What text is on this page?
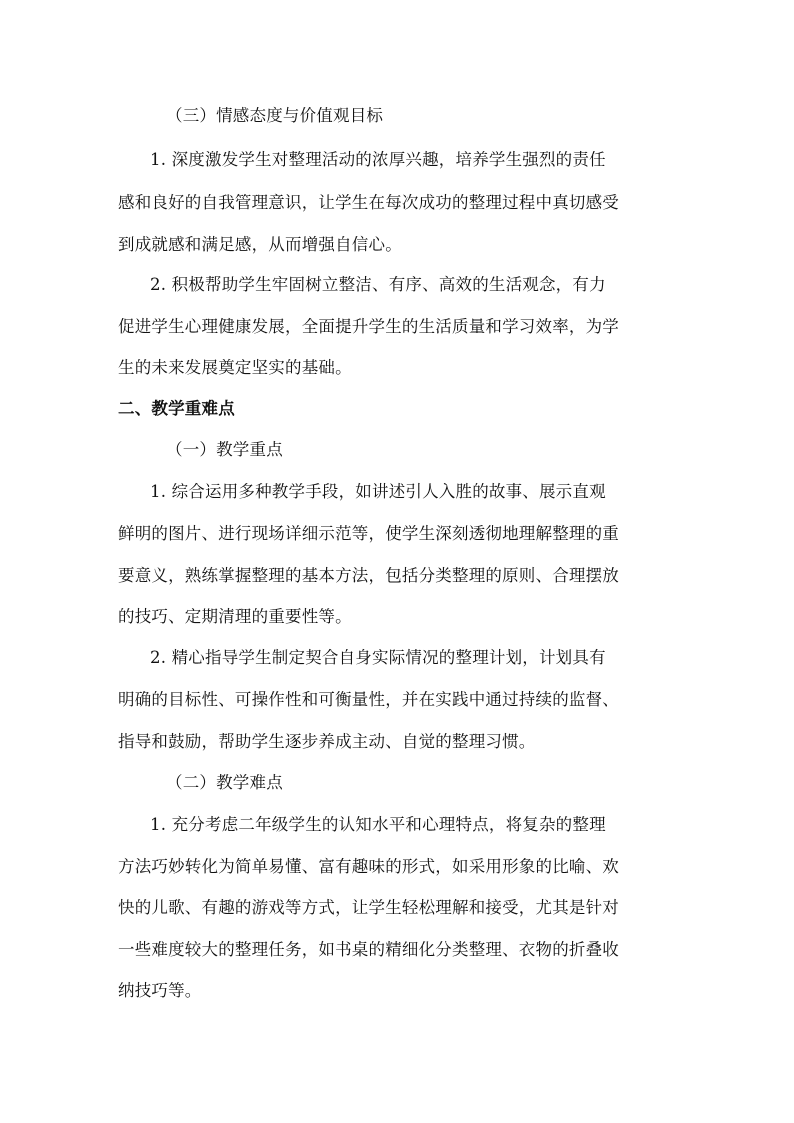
（三）情感态度与价值观目标
1. 深度激发学生对整理活动的浓厚兴趣，培养学生强烈的责任
感和良好的自我管理意识，让学生在每次成功的整理过程中真切感受
到成就感和满足感，从而增强自信心。
2. 积极帮助学生牢固树立整洁、有序、高效的生活观念，有力
促进学生心理健康发展，全面提升学生的生活质量和学习效率，为学
生的未来发展奠定坚实的基础。
二、教学重难点
（一）教学重点
1. 综合运用多种教学手段，如讲述引人入胜的故事、展示直观
鲜明的图片、进行现场详细示范等，使学生深刻透彻地理解整理的重
要意义，熟练掌握整理的基本方法，包括分类整理的原则、合理摆放
的技巧、定期清理的重要性等。
2. 精心指导学生制定契合自身实际情况的整理计划，计划具有
明确的目标性、可操作性和可衡量性，并在实践中通过持续的监督、
指导和鼓励，帮助学生逐步养成主动、自觉的整理习惯。
（二）教学难点
1. 充分考虑二年级学生的认知水平和心理特点，将复杂的整理
方法巧妙转化为简单易懂、富有趣味的形式，如采用形象的比喻、欢
快的儿歌、有趣的游戏等方式，让学生轻松理解和接受，尤其是针对
一些难度较大的整理任务，如书桌的精细化分类整理、衣物的折叠收
纳技巧等。
